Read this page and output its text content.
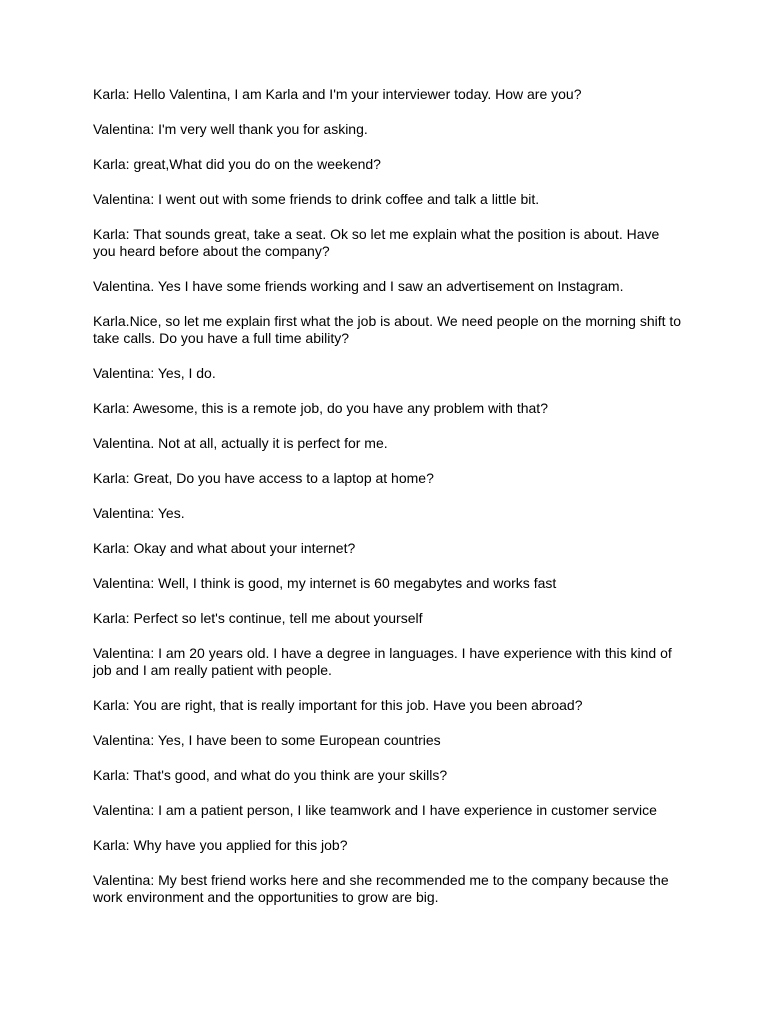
Karla: Hello Valentina, I am Karla and I'm your interviewer today. How are you?

Valentina: I'm very well thank you for asking.

Karla: great,What did you do on the weekend?

Valentina: I went out with some friends to drink coffee and talk a little bit.

Karla: That sounds great, take a seat. Ok so let me explain what the position is about. Have you heard before about the company?

Valentina. Yes I have some friends working and I saw an advertisement on Instagram.

Karla.Nice, so let me explain first what the job is about. We need people on the morning shift to take calls. Do you have a full time ability?

Valentina: Yes, I do.

Karla: Awesome, this is a remote job, do you have any problem with that?

Valentina. Not at all, actually it is perfect for me.

Karla: Great, Do you have access to a laptop at home?

Valentina: Yes.

Karla: Okay and what about your internet?

Valentina: Well, I think is good, my internet is 60 megabytes and works fast

Karla: Perfect so let's continue, tell me about yourself

Valentina: I am 20 years old. I have a degree in languages. I have experience with this kind of job and I am really patient with people.

Karla: You are right, that is really important for this job. Have you been abroad?

Valentina: Yes, I have been to some European countries

Karla: That's good, and what do you think are your skills?

Valentina: I am a patient person, I like teamwork and I have experience in customer service

Karla: Why have you applied for this job?

Valentina: My best friend works here and she recommended me to the company because the work environment and the opportunities to grow are big.
